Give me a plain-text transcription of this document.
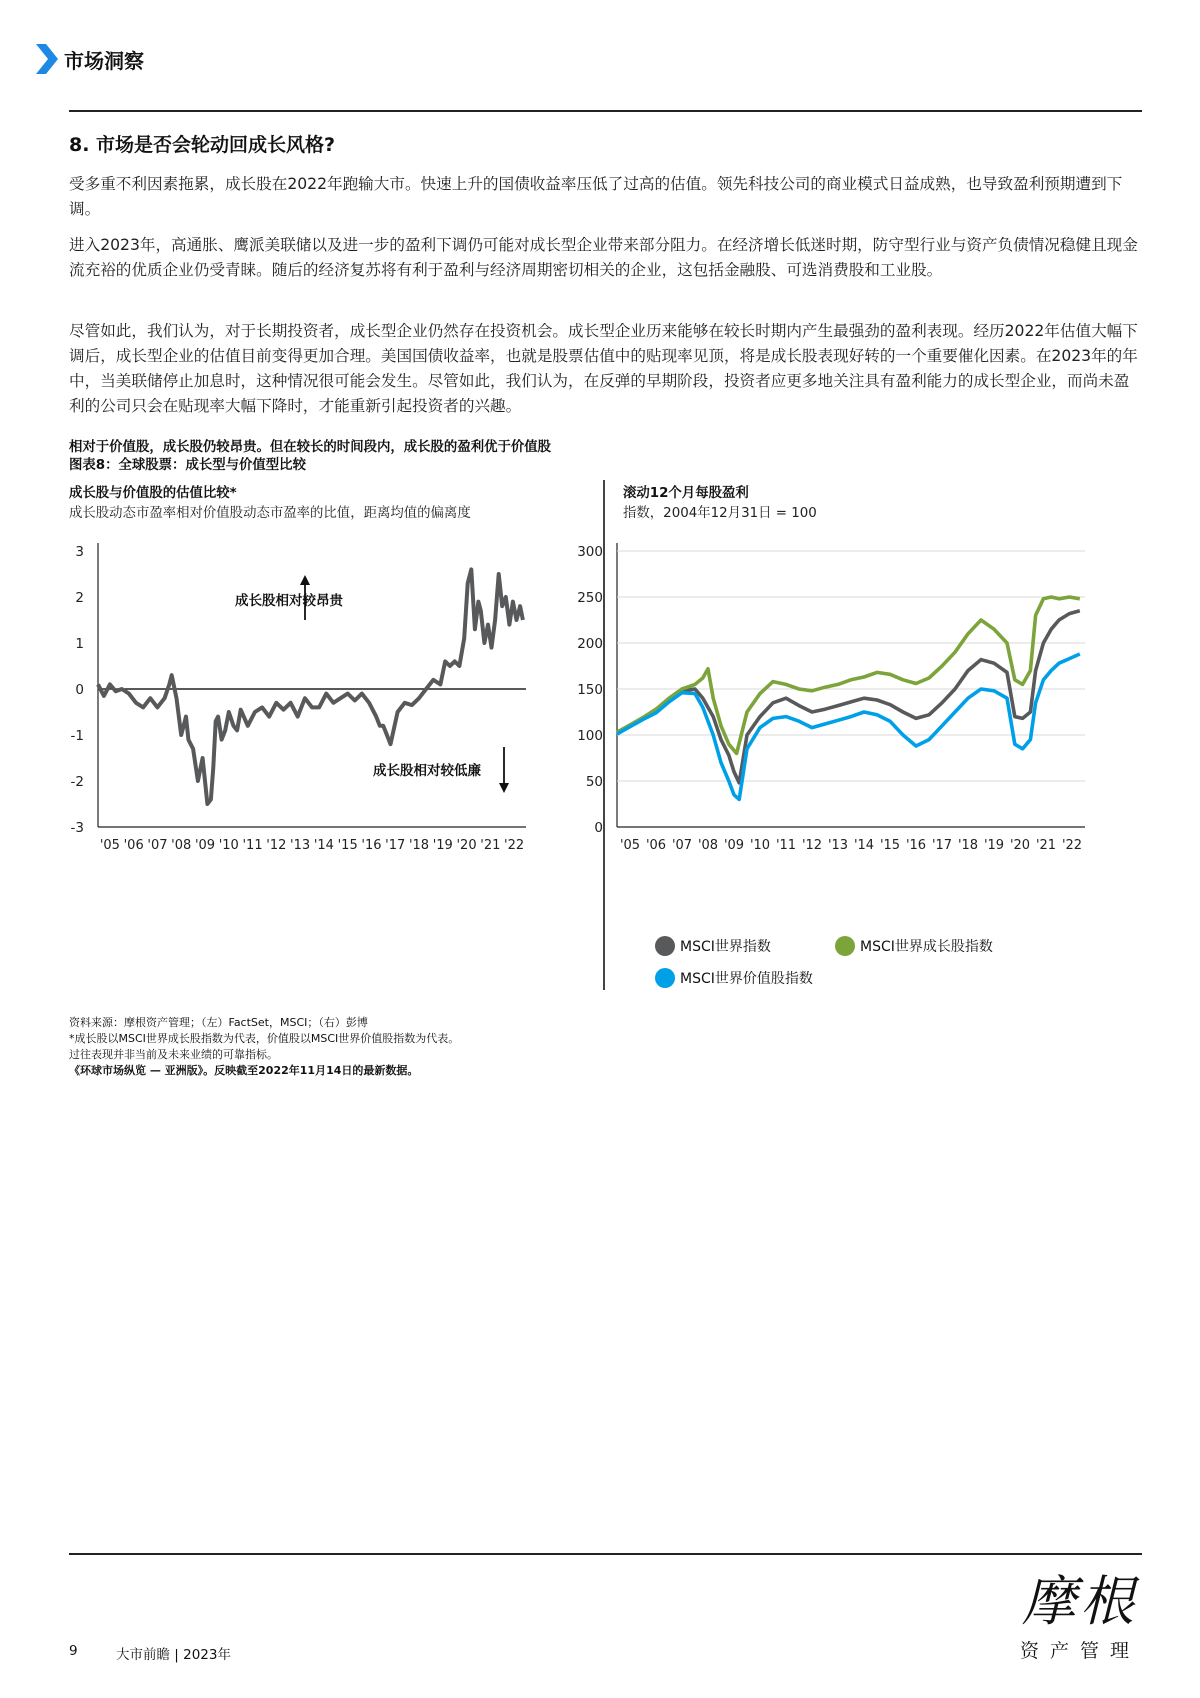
市场洞察
8. 市场是否会轮动回成长风格?
受多重不利因素拖累，成长股在2022年跑输大市。快速上升的国债收益率压低了过高的估值。领先科技公司的商业模式日益成熟，也导致盈利预期遭到下调。
进入2023年，高通胀、鹰派美联储以及进一步的盈利下调仍可能对成长型企业带来部分阻力。在经济增长低迷时期，防守型行业与资产负债情况稳健且现金流充裕的优质企业仍受青睐。随后的经济复苏将有利于盈利与经济周期密切相关的企业，这包括金融股、可选消费股和工业股。
尽管如此，我们认为，对于长期投资者，成长型企业仍然存在投资机会。成长型企业历来能够在较长时期内产生最强劲的盈利表现。经历2022年估值大幅下调后，成长型企业的估值目前变得更加合理。美国国债收益率，也就是股票估值中的贴现率见顶，将是成长股表现好转的一个重要催化因素。在2023年的年中，当美联储停止加息时，这种情况很可能会发生。尽管如此，我们认为，在反弹的早期阶段，投资者应更多地关注具有盈利能力的成长型企业，而尚未盈利的公司只会在贴现率大幅下降时，才能重新引起投资者的兴趣。
相对于价值股，成长股仍较昂贵。但在较长的时间段内，成长股的盈利优于价值股
图表8：全球股票：成长型与价值型比较
成长股与价值股的估值比较*
成长股动态市盈率相对价值股动态市盈率的比值，距离均值的偏离度
滚动12个月每股盈利
指数，2004年12月31日 = 100
3
2
1
0
-1
-2
-3
'05 '06 '07 '08 '09 '10 '11 '12 '13 '14 '15 '16 '17 '18 '19 '20 '21 '22
成长股相对较昂贵
成长股相对较低廉
300
250
200
150
100
50
0
'05 '06 '07 '08 '09 '10 '11 '12 '13 '14 '15 '16 '17 '18 '19 '20 '21 '22
MSCI世界指数	MSCI世界成长股指数
MSCI世界价值股指数
资料来源：摩根资产管理；（左）FactSet，MSCI；（右）彭博
*成长股以MSCI世界成长股指数为代表，价值股以MSCI世界价值股指数为代表。
过往表现并非当前及未来业绩的可靠指标。
《环球市场纵览 — 亚洲版》。反映截至2022年11月14日的最新数据。
9	大市前瞻 | 2023年
摩根
资产管理
